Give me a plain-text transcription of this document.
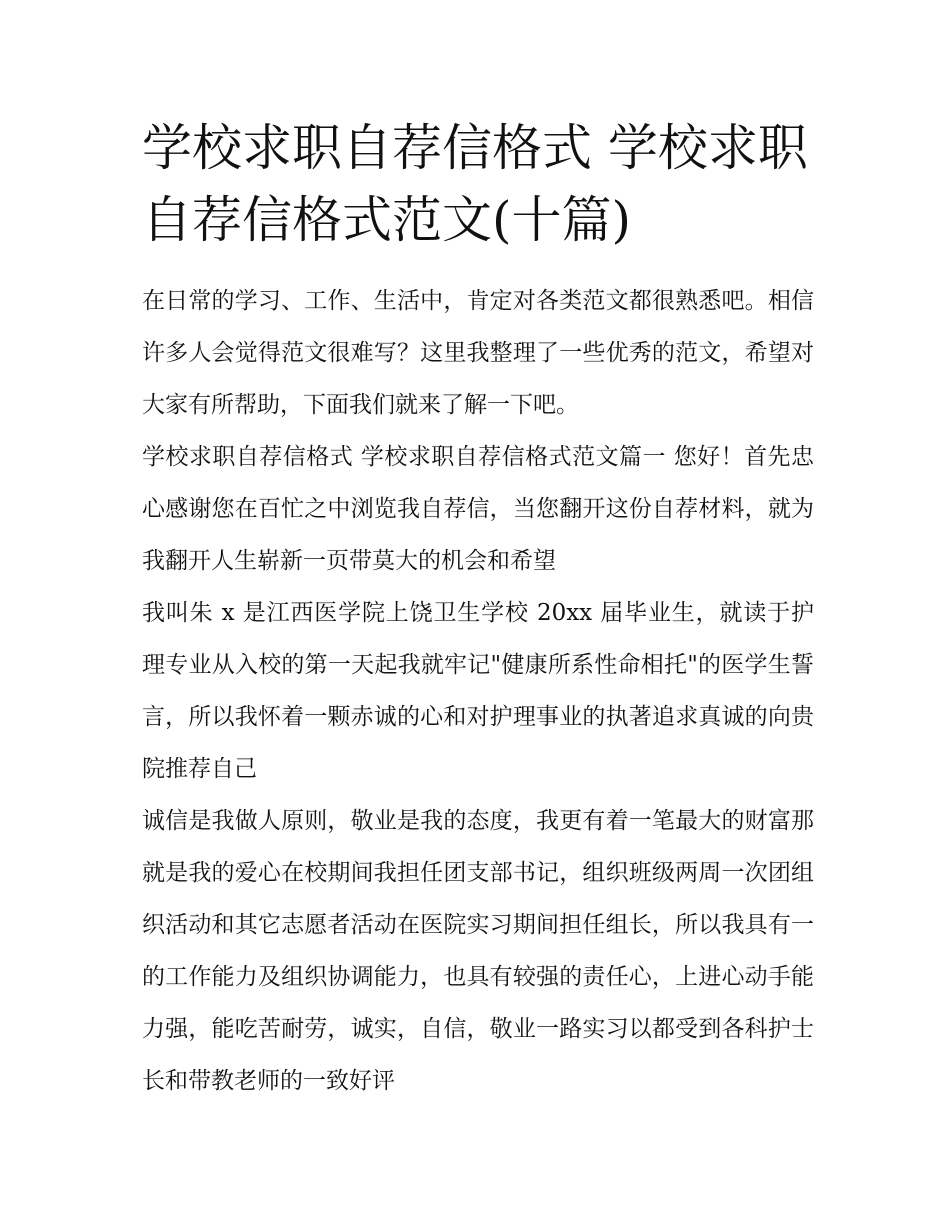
学校求职自荐信格式 学校求职自荐信格式范文(十篇)

在日常的学习、工作、生活中，肯定对各类范文都很熟悉吧。相信许多人会觉得范文很难写？这里我整理了一些优秀的范文，希望对大家有所帮助，下面我们就来了解一下吧。

学校求职自荐信格式 学校求职自荐信格式范文篇一 您好！首先忠心感谢您在百忙之中浏览我自荐信，当您翻开这份自荐材料，就为我翻开人生崭新一页带莫大的机会和希望

我叫朱 x 是江西医学院上饶卫生学校 20xx 届毕业生，就读于护理专业从入校的第一天起我就牢记"健康所系性命相托"的医学生誓言，所以我怀着一颗赤诚的心和对护理事业的执著追求真诚的向贵院推荐自己

诚信是我做人原则，敬业是我的态度，我更有着一笔最大的财富那就是我的爱心在校期间我担任团支部书记，组织班级两周一次团组织活动和其它志愿者活动在医院实习期间担任组长，所以我具有一的工作能力及组织协调能力，也具有较强的责任心，上进心动手能力强，能吃苦耐劳，诚实，自信，敬业一路实习以都受到各科护士长和带教老师的一致好评
